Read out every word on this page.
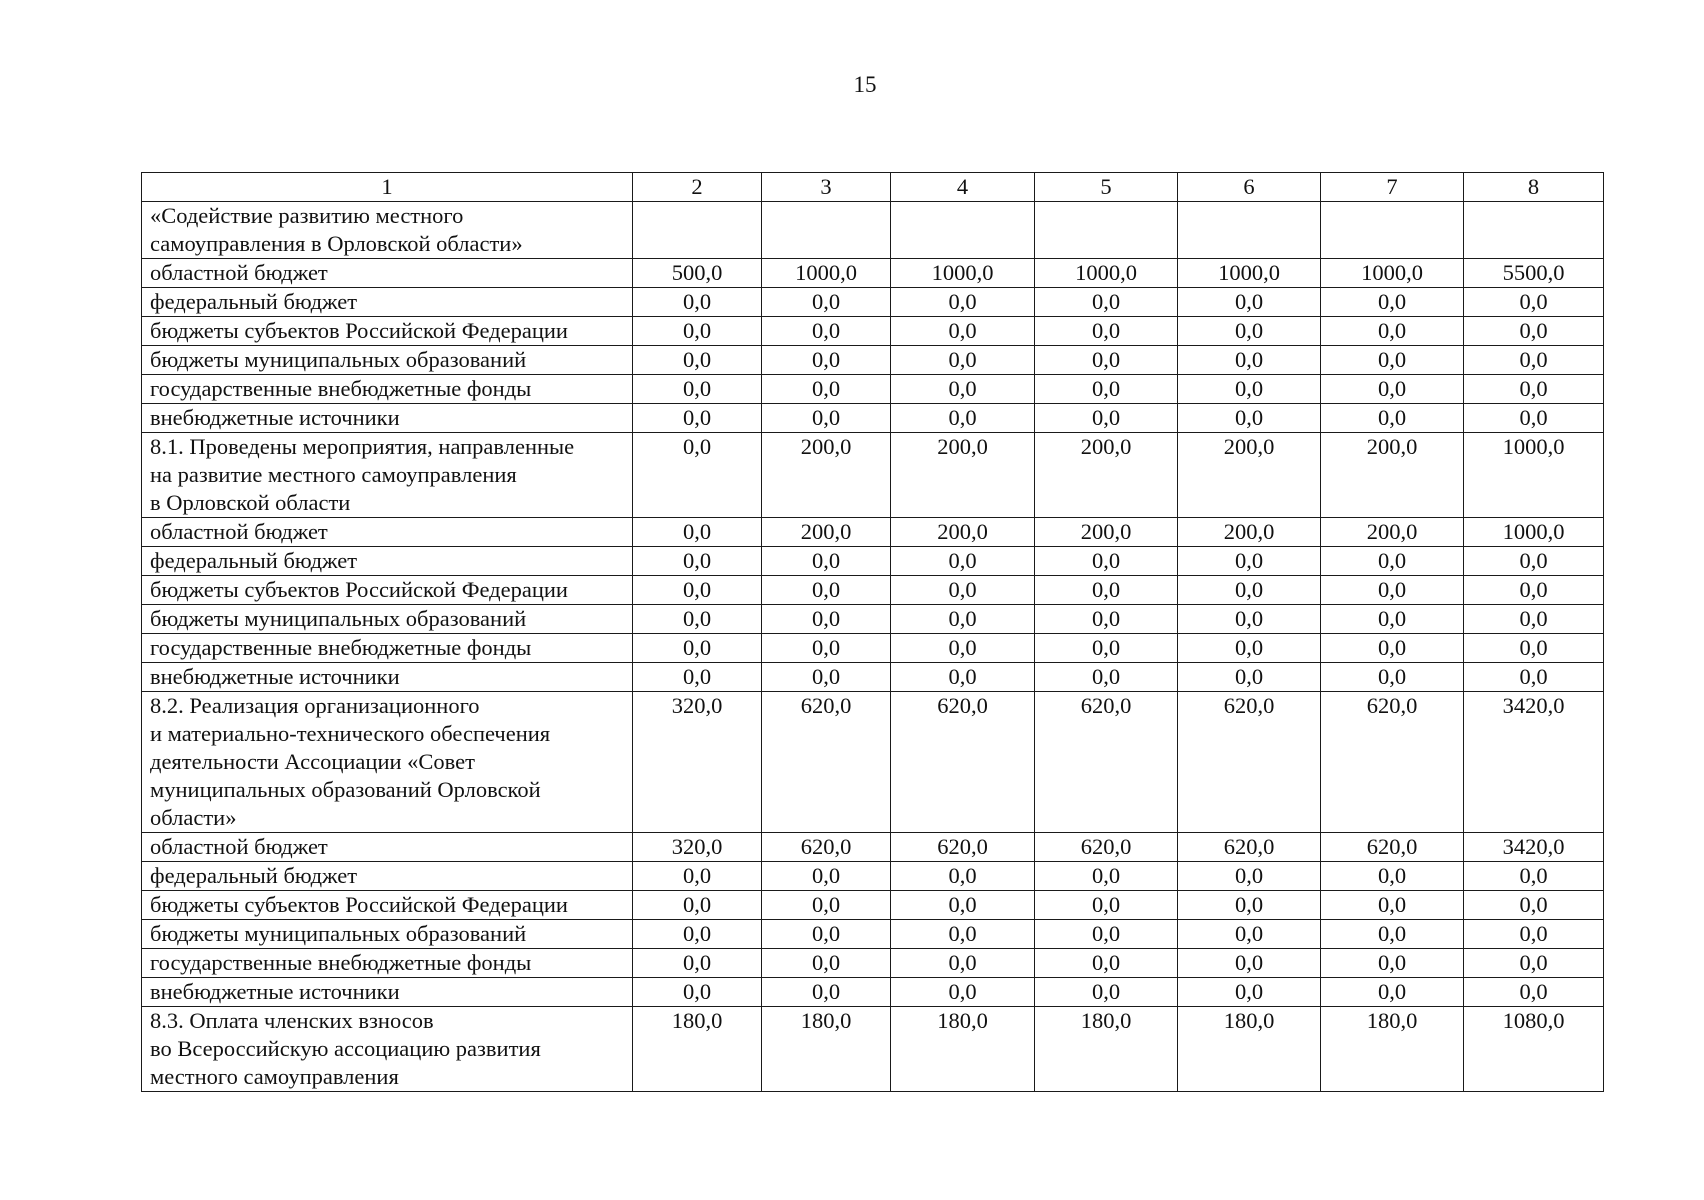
15
1	2	3	4	5	6	7	8

«Содействие развитию местного
самоуправления в Орловской области»							

областной бюджет	500,0	1000,0	1000,0	1000,0	1000,0	1000,0	5500,0

федеральный бюджет	0,0	0,0	0,0	0,0	0,0	0,0	0,0

бюджеты субъектов Российской Федерации	0,0	0,0	0,0	0,0	0,0	0,0	0,0

бюджеты муниципальных образований	0,0	0,0	0,0	0,0	0,0	0,0	0,0

государственные внебюджетные фонды	0,0	0,0	0,0	0,0	0,0	0,0	0,0

внебюджетные источники	0,0	0,0	0,0	0,0	0,0	0,0	0,0

8.1. Проведены мероприятия, направленные
на развитие местного самоуправления
в Орловской области	0,0	200,0	200,0	200,0	200,0	200,0	1000,0

областной бюджет	0,0	200,0	200,0	200,0	200,0	200,0	1000,0

федеральный бюджет	0,0	0,0	0,0	0,0	0,0	0,0	0,0

бюджеты субъектов Российской Федерации	0,0	0,0	0,0	0,0	0,0	0,0	0,0

бюджеты муниципальных образований	0,0	0,0	0,0	0,0	0,0	0,0	0,0

государственные внебюджетные фонды	0,0	0,0	0,0	0,0	0,0	0,0	0,0

внебюджетные источники	0,0	0,0	0,0	0,0	0,0	0,0	0,0

8.2. Реализация организационного
и материально-технического обеспечения
деятельности Ассоциации «Совет
муниципальных образований Орловской
области»	320,0	620,0	620,0	620,0	620,0	620,0	3420,0

областной бюджет	320,0	620,0	620,0	620,0	620,0	620,0	3420,0

федеральный бюджет	0,0	0,0	0,0	0,0	0,0	0,0	0,0

бюджеты субъектов Российской Федерации	0,0	0,0	0,0	0,0	0,0	0,0	0,0

бюджеты муниципальных образований	0,0	0,0	0,0	0,0	0,0	0,0	0,0

государственные внебюджетные фонды	0,0	0,0	0,0	0,0	0,0	0,0	0,0

внебюджетные источники	0,0	0,0	0,0	0,0	0,0	0,0	0,0

8.3. Оплата членских взносов
во Всероссийскую ассоциацию развития
местного самоуправления	180,0	180,0	180,0	180,0	180,0	180,0	1080,0
